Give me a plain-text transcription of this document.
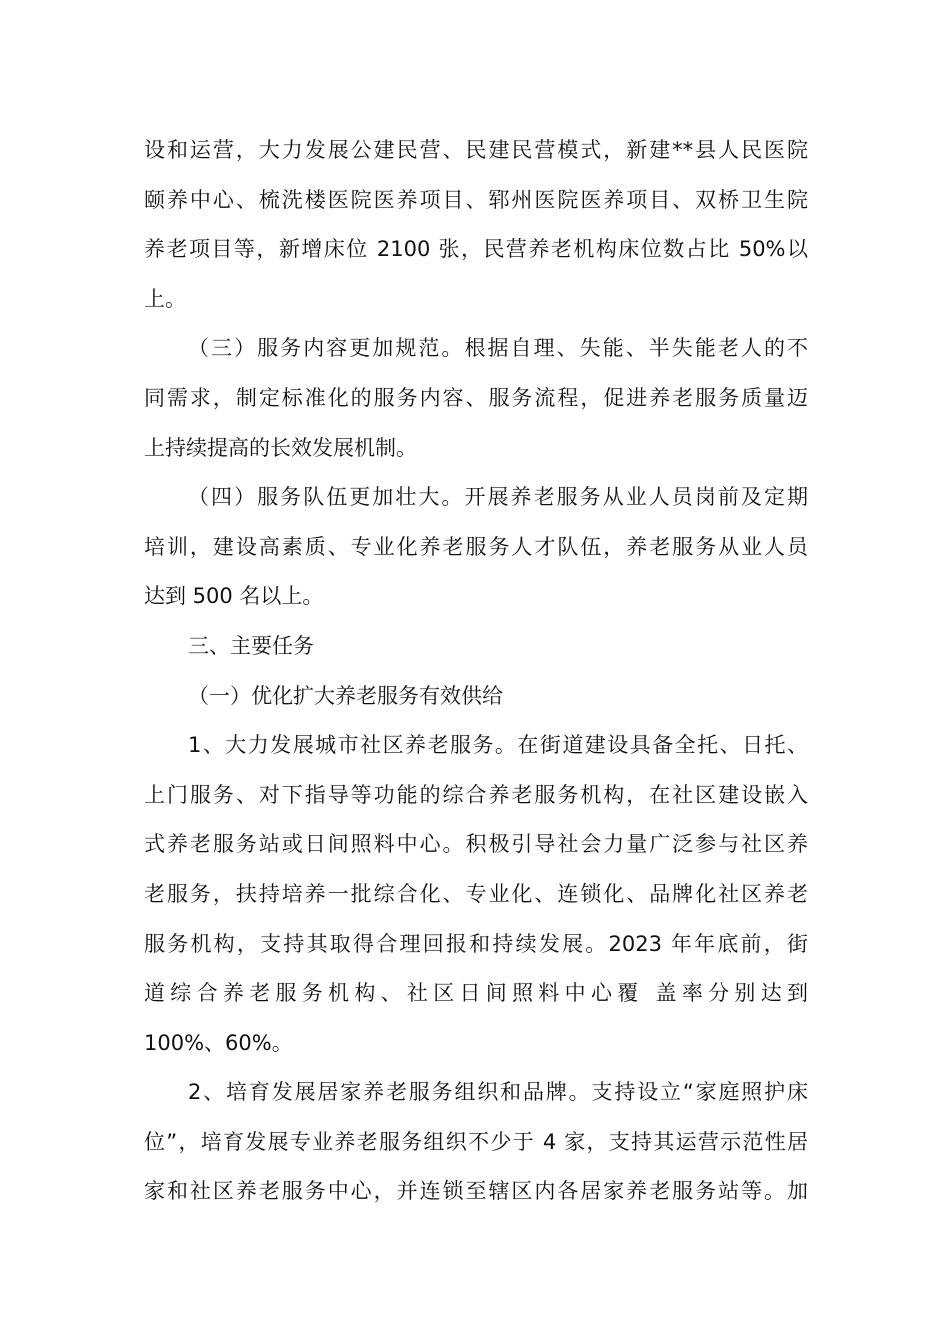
设和运营，大力发展公建民营、民建民营模式，新建**县人民医院
颐养中心、梳洗楼医院医养项目、郓州医院医养项目、双桥卫生院
养老项目等，新增床位 2100 张，民营养老机构床位数占比 50%以
上。
（三）服务内容更加规范。根据自理、失能、半失能老人的不
同需求，制定标准化的服务内容、服务流程，促进养老服务质量迈
上持续提高的长效发展机制。
（四）服务队伍更加壮大。开展养老服务从业人员岗前及定期
培训，建设高素质、专业化养老服务人才队伍，养老服务从业人员
达到 500 名以上。
三、主要任务
（一）优化扩大养老服务有效供给
1、大力发展城市社区养老服务。在街道建设具备全托、日托、
上门服务、对下指导等功能的综合养老服务机构，在社区建设嵌入
式养老服务站或日间照料中心。积极引导社会力量广泛参与社区养
老服务，扶持培养一批综合化、专业化、连锁化、品牌化社区养老
服务机构，支持其取得合理回报和持续发展。2023 年年底前，街
道综合养老服务机构、社区日间照料中心覆 盖率分别达到
100%、60%。
2、培育发展居家养老服务组织和品牌。支持设立“家庭照护床
位”，培育发展专业养老服务组织不少于 4 家，支持其运营示范性居
家和社区养老服务中心，并连锁至辖区内各居家养老服务站等。加
